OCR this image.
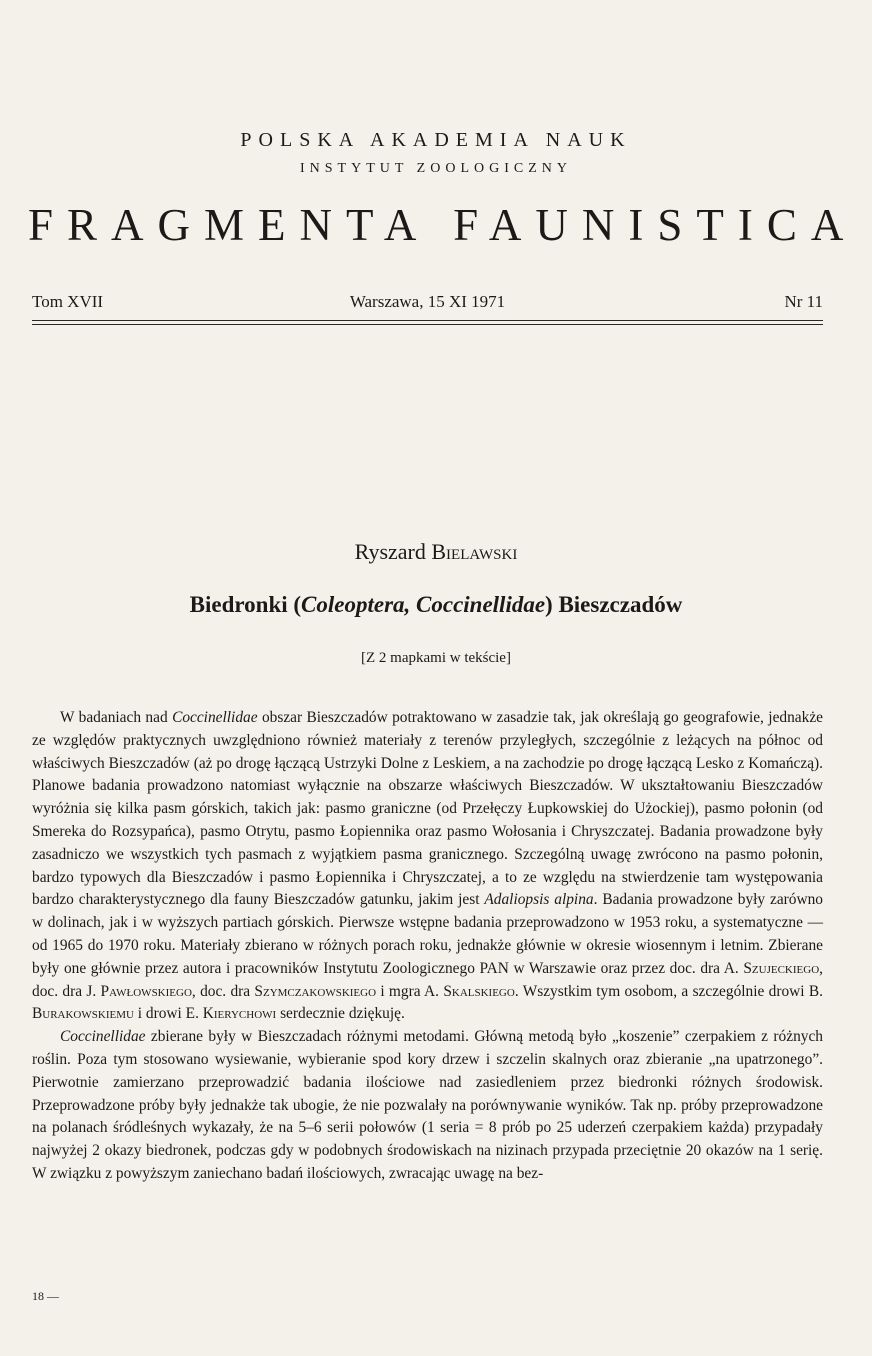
POLSKA AKADEMIA NAUK
INSTYTUT ZOOLOGICZNY
FRAGMENTA FAUNISTICA
Tom XVII	Warszawa, 15 XI 1971	Nr 11
Ryszard Bielawski
Biedronki (Coleoptera, Coccinellidae) Bieszczadów
[Z 2 mapkami w tekście]

W badaniach nad Coccinellidae obszar Bieszczadów potraktowano w zasadzie tak, jak określają go geografowie, jednakże ze względów praktycznych uwzględniono również materiały z terenów przyległych, szczególnie z leżących na północ od właściwych Bieszczadów (aż po drogę łączącą Ustrzyki Dolne z Leskiem, a na zachodzie po drogę łączącą Lesko z Komańczą). Planowe badania prowadzono natomiast wyłącznie na obszarze właściwych Bieszczadów. W ukształtowaniu Bieszczadów wyróżnia się kilka pasm górskich, takich jak: pasmo graniczne (od Przełęczy Łupkowskiej do Użockiej), pasmo połonin (od Smereka do Rozsypańca), pasmo Otrytu, pasmo Łopiennika oraz pasmo Wołosania i Chryszczatej. Badania prowadzone były zasadniczo we wszystkich tych pasmach z wyjątkiem pasma granicznego. Szczególną uwagę zwrócono na pasmo połonin, bardzo typowych dla Bieszczadów i pasmo Łopiennika i Chryszczatej, a to ze względu na stwierdzenie tam występowania bardzo charakterystycznego dla fauny Bieszczadów gatunku, jakim jest Adaliopsis alpina. Badania prowadzone były zarówno w dolinach, jak i w wyższych partiach górskich. Pierwsze wstępne badania przeprowadzono w 1953 roku, a systematyczne — od 1965 do 1970 roku. Materiały zbierano w różnych porach roku, jednakże głównie w okresie wiosennym i letnim. Zbierane były one głównie przez autora i pracowników Instytutu Zoologicznego PAN w Warszawie oraz przez doc. dra A. Szujeckiego, doc. dra J. Pawłowskiego, doc. dra Szymczakowskiego i mgra A. Skalskiego. Wszystkim tym osobom, a szczególnie drowi B. Burakowskiemu i drowi E. Kierychowi serdecznie dziękuję.

Coccinellidae zbierane były w Bieszczadach różnymi metodami. Główną metodą było „koszenie” czerpakiem z różnych roślin. Poza tym stosowano wysiewanie, wybieranie spod kory drzew i szczelin skalnych oraz zbieranie „na upatrzonego”. Pierwotnie zamierzano przeprowadzić badania ilościowe nad zasiedleniem przez biedronki różnych środowisk. Przeprowadzone próby były jednakże tak ubogie, że nie pozwalały na porównywanie wyników. Tak np. próby przeprowadzone na polanach śródleśnych wykazały, że na 5–6 serii połowów (1 seria = 8 prób po 25 uderzeń czerpakiem każda) przypadały najwyżej 2 okazy biedronek, podczas gdy w podobnych środowiskach na nizinach przypada przeciętnie 20 okazów na 1 serię. W związku z powyższym zaniechano badań ilościowych, zwracając uwagę na bez-

18 —
